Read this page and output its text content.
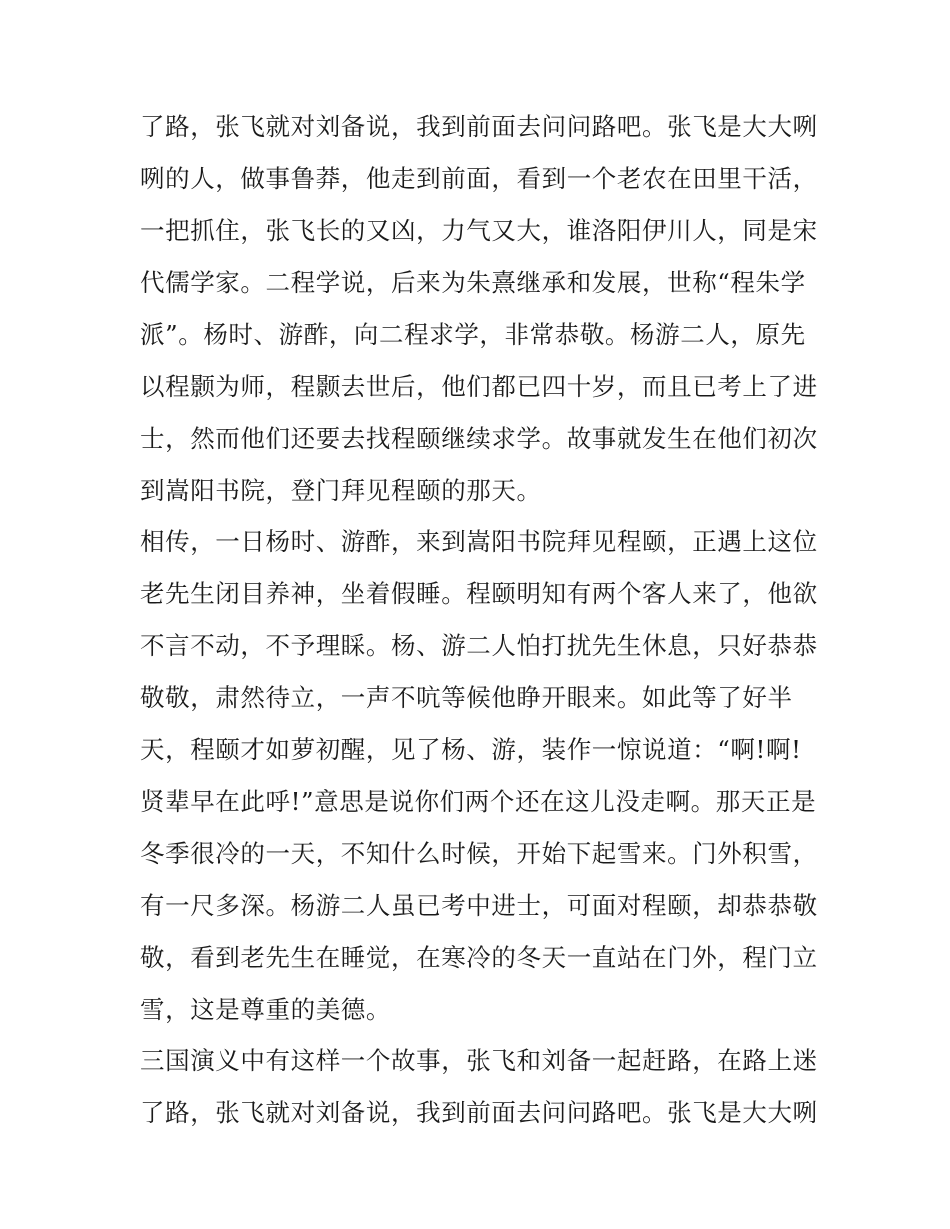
了路，张飞就对刘备说，我到前面去问问路吧。张飞是大大咧
咧的人，做事鲁莽，他走到前面，看到一个老农在田里干活，
一把抓住，张飞长的又凶，力气又大，谁洛阳伊川人，同是宋
代儒学家。二程学说，后来为朱熹继承和发展，世称“程朱学
派”。杨时、游酢，向二程求学，非常恭敬。杨游二人，原先
以程颢为师，程颢去世后，他们都已四十岁，而且已考上了进
士，然而他们还要去找程颐继续求学。故事就发生在他们初次
到嵩阳书院，登门拜见程颐的那天。
相传，一日杨时、游酢，来到嵩阳书院拜见程颐，正遇上这位
老先生闭目养神，坐着假睡。程颐明知有两个客人来了，他欲
不言不动，不予理睬。杨、游二人怕打扰先生休息，只好恭恭
敬敬，肃然待立，一声不吭等候他睁开眼来。如此等了好半
天，程颐才如萝初醒，见了杨、游，装作一惊说道：“啊!啊!
贤辈早在此呼!”意思是说你们两个还在这儿没走啊。那天正是
冬季很冷的一天，不知什么时候，开始下起雪来。门外积雪，
有一尺多深。杨游二人虽已考中进士，可面对程颐，却恭恭敬
敬，看到老先生在睡觉，在寒冷的冬天一直站在门外，程门立
雪，这是尊重的美德。
三国演义中有这样一个故事，张飞和刘备一起赶路，在路上迷
了路，张飞就对刘备说，我到前面去问问路吧。张飞是大大咧
